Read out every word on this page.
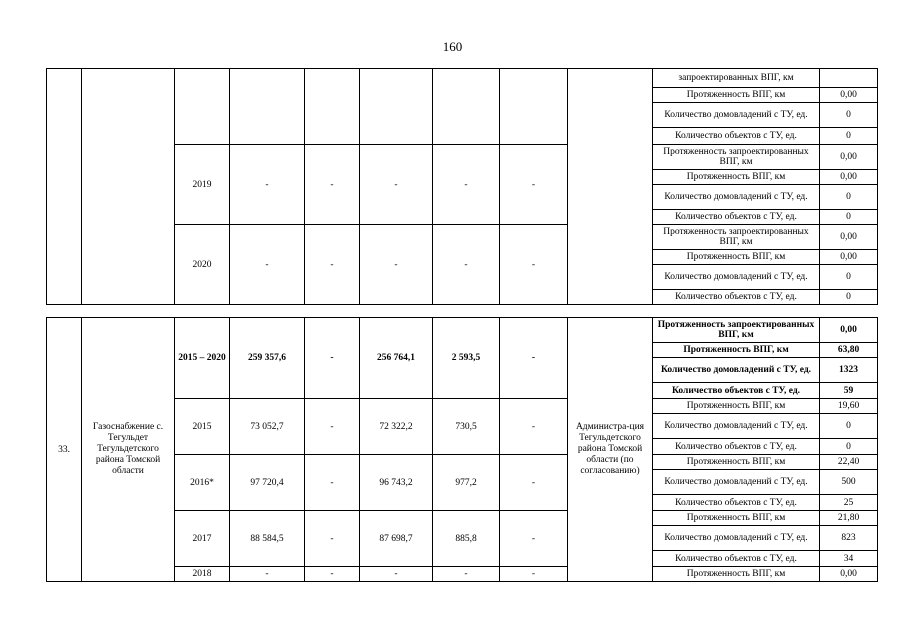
160
									запроектированных ВПГ, км	
									Протяженность ВПГ, км	0,00
									Количество домовладений с ТУ, ед.	0
									Количество объектов с ТУ, ед.	0
		2019	-	-	-	-	-		Протяженность запроектированных ВПГ, км	0,00
									Протяженность ВПГ, км	0,00
									Количество домовладений с ТУ, ед.	0
									Количество объектов с ТУ, ед.	0
		2020	-	-	-	-	-		Протяженность запроектированных ВПГ, км	0,00
									Протяженность ВПГ, км	0,00
									Количество домовладений с ТУ, ед.	0
									Количество объектов с ТУ, ед.	0
33.	Газоснабжение с. Тегульдет Тегульдетского района Томской области	2015 – 2020	259 357,6	-	256 764,1	2 593,5	-	Администра-ция Тегульдетского района Томской области (по согласованию)	Протяженность запроектированных ВПГ, км	0,00
									Протяженность ВПГ, км	63,80
									Количество домовладений с ТУ, ед.	1323
									Количество объектов с ТУ, ед.	59
		2015	73 052,7	-	72 322,2	730,5	-		Протяженность ВПГ, км	19,60
									Количество домовладений с ТУ, ед.	0
									Количество объектов с ТУ, ед.	0
		2016*	97 720,4	-	96 743,2	977,2	-		Протяженность ВПГ, км	22,40
									Количество домовладений с ТУ, ед.	500
									Количество объектов с ТУ, ед.	25
		2017	88 584,5	-	87 698,7	885,8	-		Протяженность ВПГ, км	21,80
									Количество домовладений с ТУ, ед.	823
									Количество объектов с ТУ, ед.	34
		2018	-	-	-	-	-		Протяженность ВПГ, км	0,00
